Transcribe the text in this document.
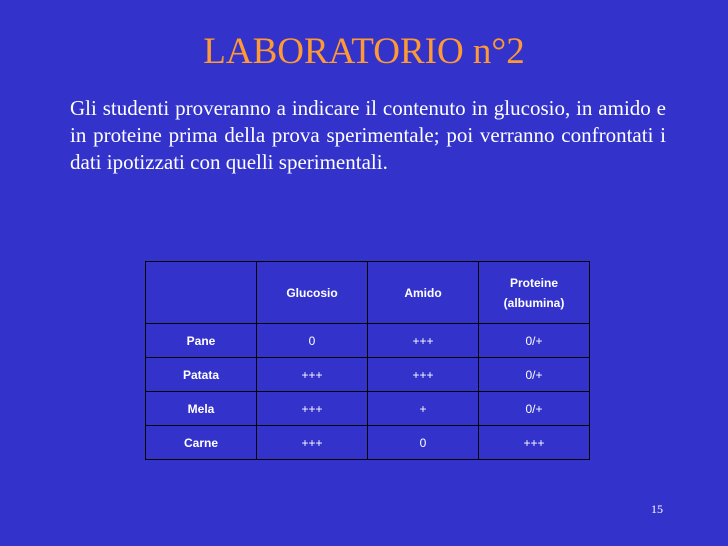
LABORATORIO n°2

Gli studenti proveranno a indicare il contenuto in glucosio, in amido e in proteine prima della prova sperimentale; poi verranno confrontati i dati ipotizzati con quelli sperimentali.

	Glucosio	Amido	Proteine
(albumina)

Pane	0	+++	0/+
Patata	+++	+++	0/+
Mela	+++	+	0/+
Carne	+++	0	+++
15
